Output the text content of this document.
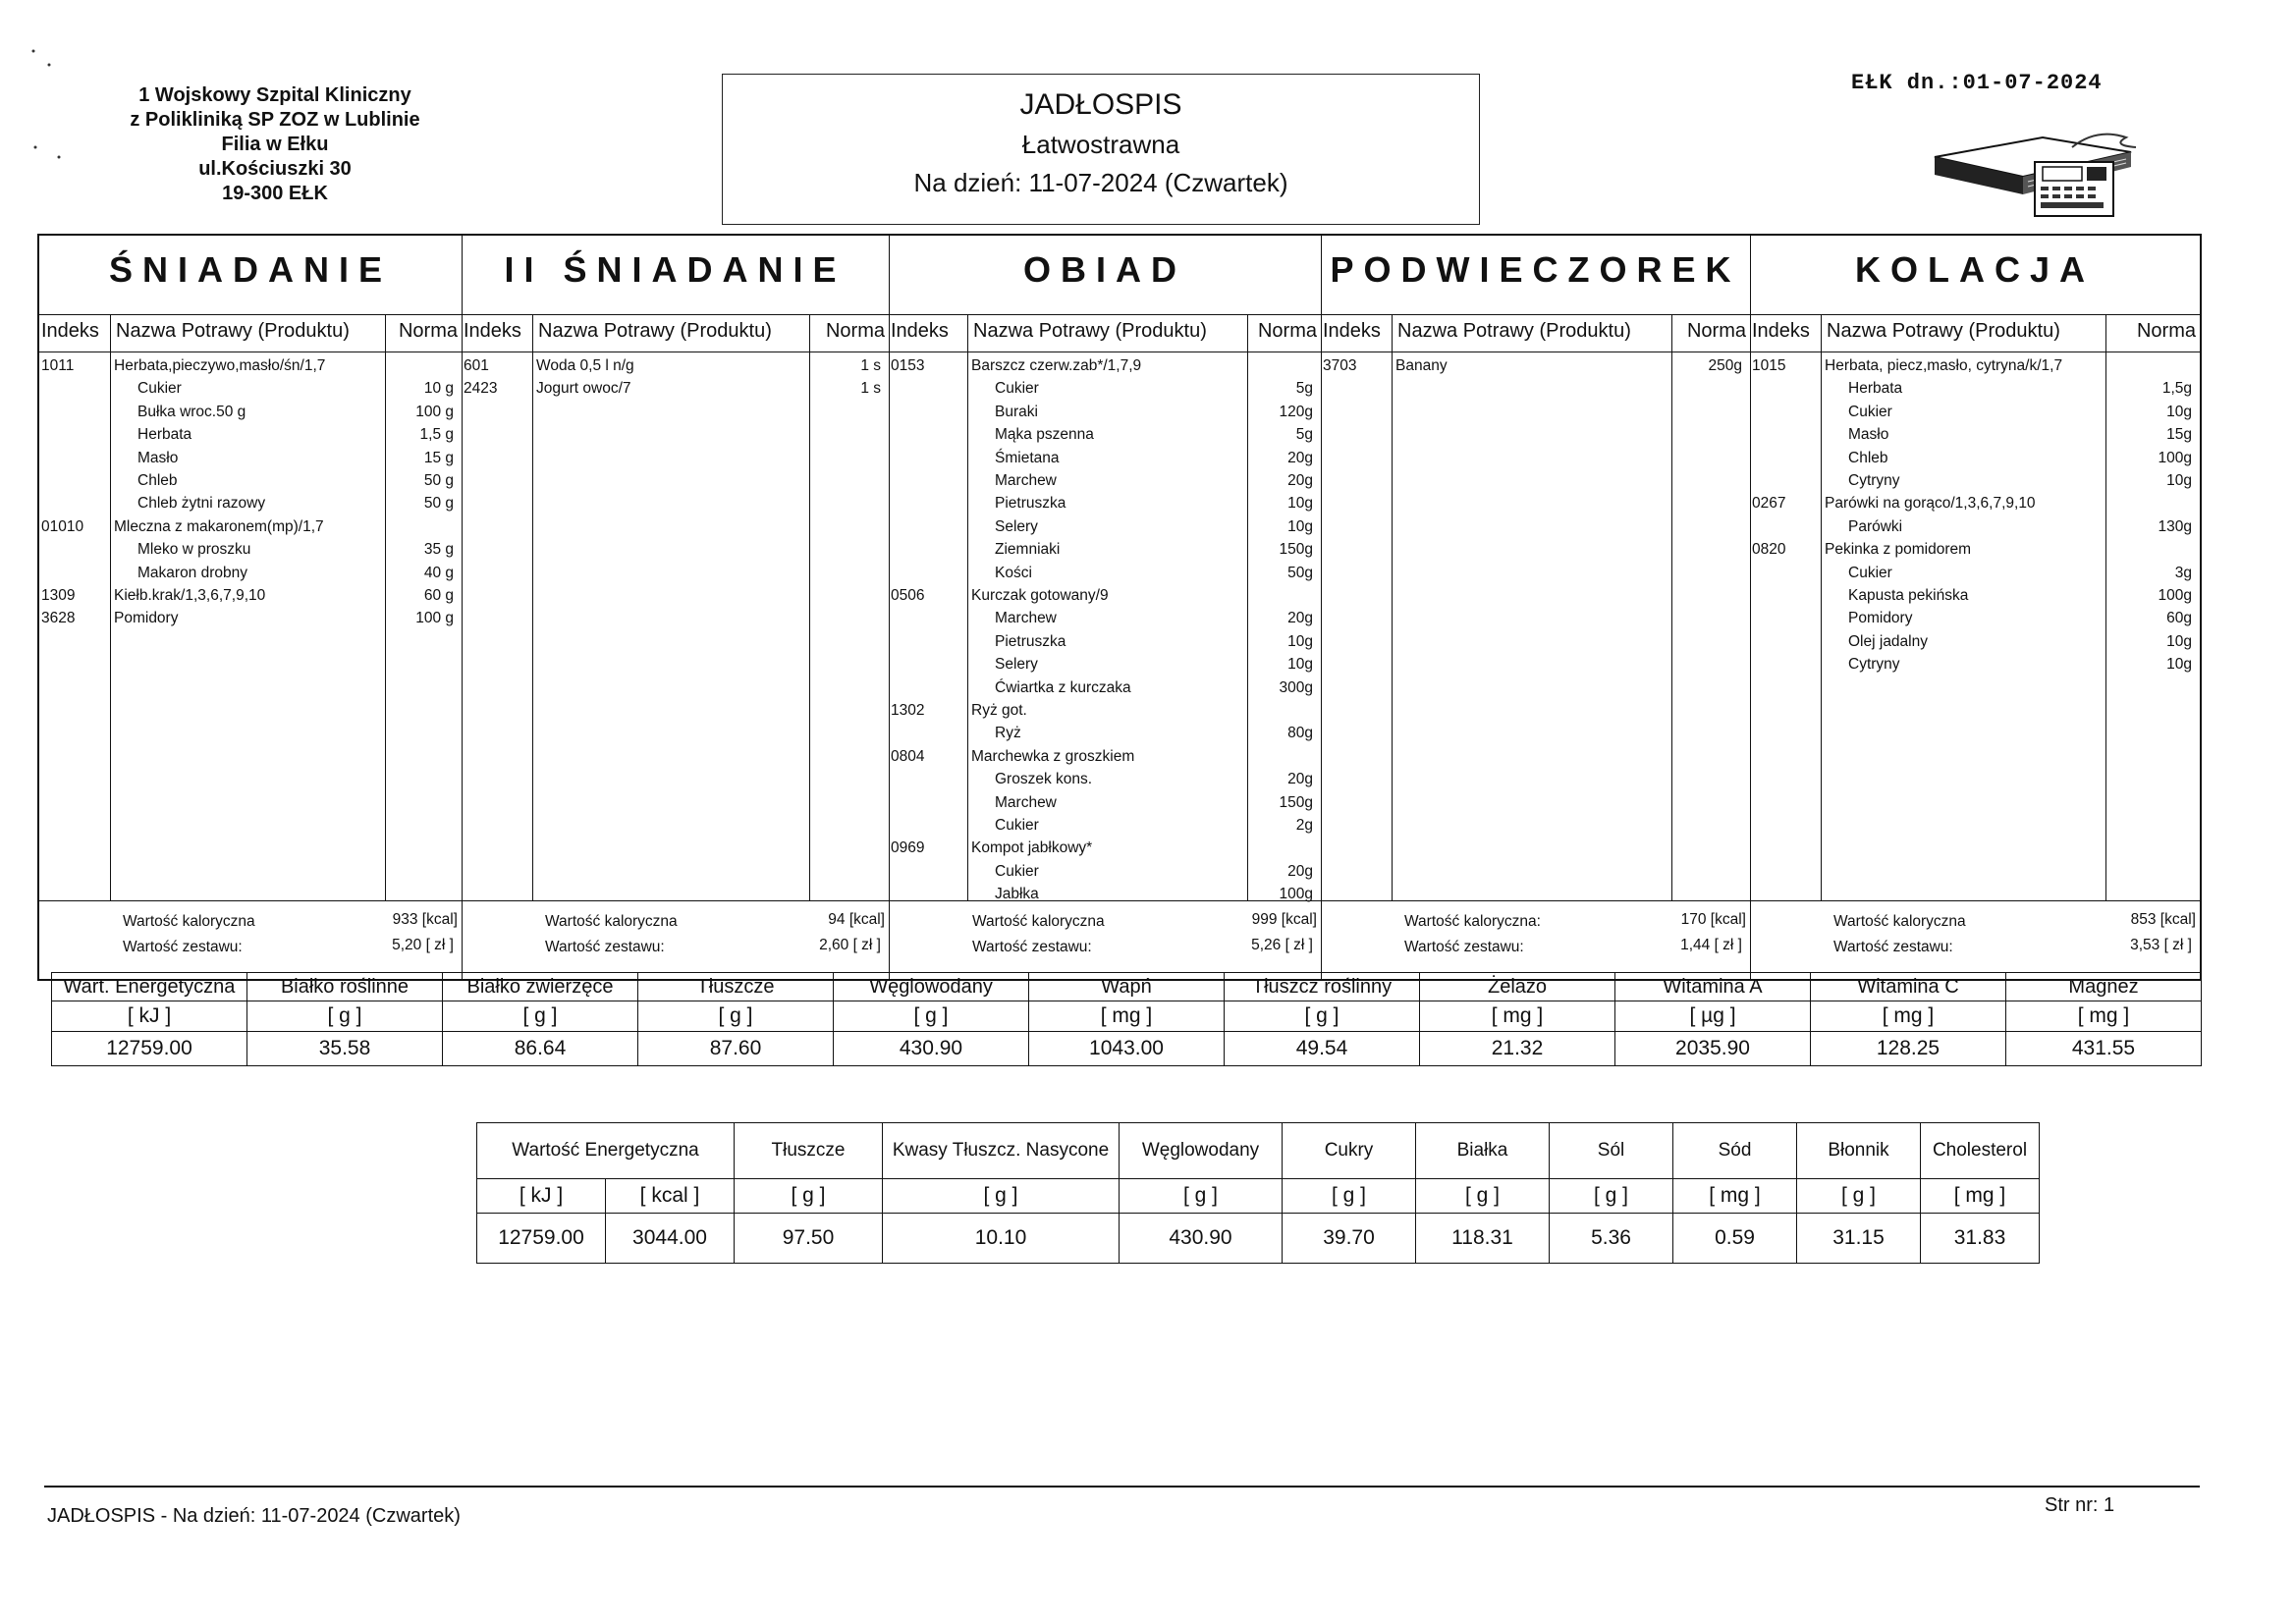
1 Wojskowy Szpital Kliniczny
z Polikliniką SP ZOZ w Lublinie
Filia w Ełku
ul.Kościuszki 30
19-300 EŁK
JADŁOSPIS
Łatwostrawna
Na dzień: 11-07-2024 (Czwartek)
EŁK dn.:01-07-2024
ŚNIADANIE
Indeks Nazwa Potrawy (Produktu)	Norma
1011	Herbata,pieczywo,masło/śn/1,7
Cukier	10 g
Bułka wroc.50 g	100 g
Herbata	1,5 g
Masło	15 g
Chleb	50 g
Chleb żytni razowy	50 g
01010 Mleczna z makaronem(mp)/1,7
Mleko w proszku	35 g
Makaron drobny	40 g
1309	Kiełb.krak/1,3,6,7,9,10	60 g
3628	Pomidory	100 g
Wartość kaloryczna	933 [kcal]
Wartość zestawu:	5,20 [ zł ]
II ŚNIADANIE
Indeks Nazwa Potrawy (Produktu)	Norma
601	Woda 0,5 l n/g	1 s
2423	Jogurt owoc/7	1 s
Wartość kaloryczna	94 [kcal]
Wartość zestawu:	2,60 [ zł ]
OBIAD
Indeks Nazwa Potrawy (Produktu)	Norma
0153	Barszcz czerw.zab*/1,7,9
Cukier	5g
Buraki	120g
Mąka pszenna	5g
Śmietana	20g
Marchew	20g
Pietruszka	10g
Selery	10g
Ziemniaki	150g
Kości	50g
0506	Kurczak gotowany/9
Marchew	20g
Pietruszka	10g
Selery	10g
Ćwiartka z kurczaka	300g
1302	Ryż got.
Ryż	80g
0804	Marchewka z groszkiem
Groszek kons.	20g
Marchew	150g
Cukier	2g
0969	Kompot jabłkowy*
Cukier	20g
Jabłka	100g
Wartość kaloryczna	999 [kcal]
Wartość zestawu:	5,26 [ zł ]
PODWIECZOREK
Indeks Nazwa Potrawy (Produktu)	Norma
3703	Banany	250g
Wartość kaloryczna:	170 [kcal]
Wartość zestawu:	1,44 [ zł ]
KOLACJA
Indeks Nazwa Potrawy (Produktu)	Norma
1015	Herbata, piecz,masło, cytryna/k/1,7
Herbata	1,5g
Cukier	10g
Masło	15g
Chleb	100g
Cytryny	10g
0267	Parówki na gorąco/1,3,6,7,9,10
Parówki	130g
0820	Pekinka z pomidorem
Cukier	3g
Kapusta pekińska	100g
Pomidory	60g
Olej jadalny	10g
Cytryny	10g
Wartość kaloryczna	853 [kcal]
Wartość zestawu:	3,53 [ zł ]
Wart. Energetyczna	Białko roślinne	Białko zwierzęce	Tłuszcze	Węglowodany	Wapń	Tłuszcz roślinny	Żelazo	Witamina A	Witamina C	Magnez
[ kJ ]	[ g ]	[ g ]	[ g ]	[ g ]	[ mg ]	[ g ]	[ mg ]	[ µg ]	[ mg ]	[ mg ]
12759.00	35.58	86.64	87.60	430.90	1043.00	49.54	21.32	2035.90	128.25	431.55
Wartość Energetyczna		Tłuszcze	Kwasy Tłuszcz. Nasycone	Węglowodany	Cukry	Białka	Sól	Sód	Błonnik	Cholesterol
[ kJ ]	[ kcal ]	[ g ]	[ g ]	[ g ]	[ g ]	[ g ]	[ g ]	[ mg ]	[ g ]	[ mg ]
12759.00	3044.00	97.50	10.10	430.90	39.70	118.31	5.36	0.59	31.15	31.83
JADŁOSPIS - Na dzień: 11-07-2024 (Czwartek)	Str nr: 1
